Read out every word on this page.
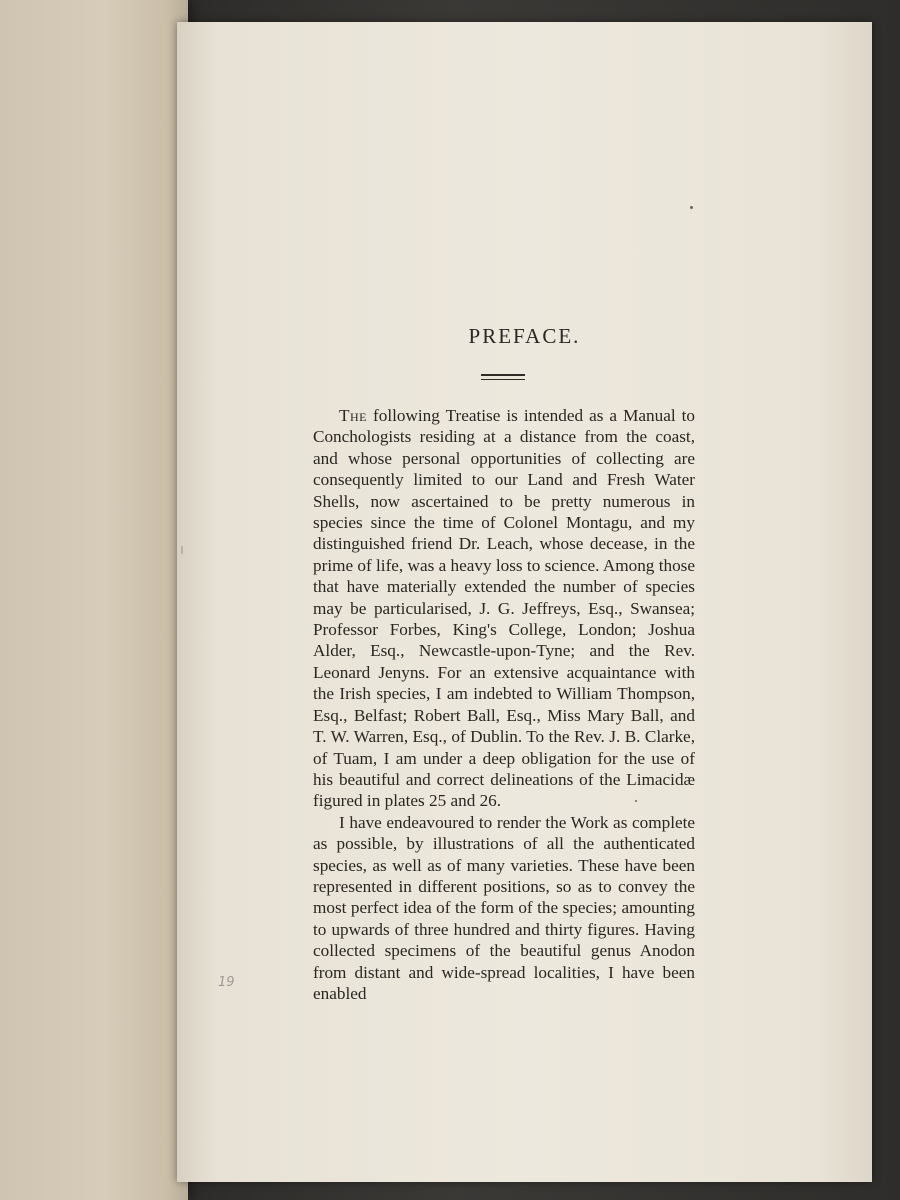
PREFACE.

The following Treatise is intended as a Manual to Conchologists residing at a distance from the coast, and whose personal opportunities of collecting are consequently limited to our Land and Fresh Water Shells, now ascertained to be pretty numerous in species since the time of Colonel Montagu, and my distinguished friend Dr. Leach, whose decease, in the prime of life, was a heavy loss to science. Among those that have materially extended the number of species may be particularised, J. G. Jeffreys, Esq., Swansea; Professor Forbes, King's College, London; Joshua Alder, Esq., Newcastle-upon-Tyne; and the Rev. Leonard Jenyns. For an extensive acquaintance with the Irish species, I am indebted to William Thompson, Esq., Belfast; Robert Ball, Esq., Miss Mary Ball, and T. W. Warren, Esq., of Dublin. To the Rev. J. B. Clarke, of Tuam, I am under a deep obligation for the use of his beautiful and correct delineations of the Limacidæ figured in plates 25 and 26.

I have endeavoured to render the Work as complete as possible, by illustrations of all the authenticated species, as well as of many varieties. These have been represented in different positions, so as to convey the most perfect idea of the form of the species; amounting to upwards of three hundred and thirty figures. Having collected specimens of the beautiful genus Anodon from distant and wide-spread localities, I have been enabled

19
